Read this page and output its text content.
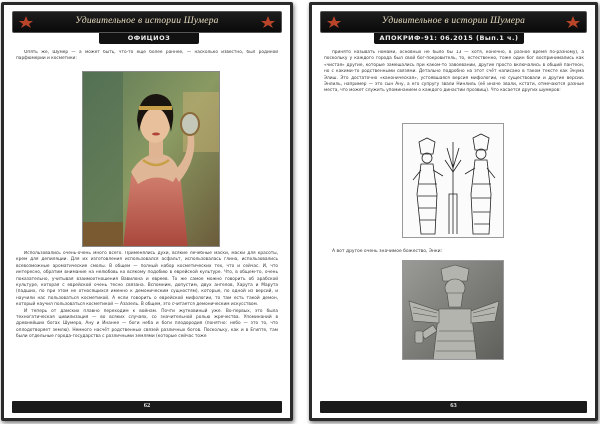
Удивительное в истории Шумера
ОФИЦИОЗ

Опять же, Шумер — а может быть, что-то ещё более раннее, — насколько известно, был родиной парфюмерии и косметики:

Использовались очень-очень много всего. Применялись духи, всякие лечебные маски, маски для красоты, крем для депиляции. Для их изготовления использовался асфальт, использовалась глина, использовались всевозможные ароматические смолы. В общем — полный набор косметических тех, что и сейчас. И, что интересно, обратим внимание на нелюбовь ко всякому подобию в еврейской культуре. Что, в общем-то, очень показательно, учитывая взаимоотношения Вавилона и евреев. То же самое можно говорить об арабской культуре, которая с еврейской очень тесно связана. Вспомним, допустим, двух ангелов, Харута и Марута (падших, по при этом не относящихся именно к демоническим сущностям), которые, по одной из версий, и научили нас пользоваться косметикой. А если говорить о еврейской мифологии, то там есть такой демон, который научил пользоваться косметикой — Азазель. В общем, это считается демоническим искусством.

И теперь от дамских плавно переходим к войнам. Почти жутковиный уже. Во-первых, это была техногатическая цивилизация — во всяких случаях, со значительной ролью жречества. Упоминаний в древнейших богах Шумера, Ану и Инанне — боги неба и боги плодородия (понятно: небо — это то, что оплодотворяет землю). Немного насчёт родственных связей различных богов. Поскольку, как и в Египте, там были отдельные города-государства с различными землями (которые сейчас тоже

62
Удивительное в истории Шумера
АПОКРИФ-91: 06.2015 (Вып.1 ч.)

принято называть номами, основных не было бы 13 — хотя, конечно, в разное время по-разному), а поскольку у каждого города был свой бог-покровитель, то, естественно, тоже один бог воспринимались как «чистая» другие, которые замешались при каком-то завоевании, другие просто включались в общий пантеон, но с какими-то родственными связями. Детально подробно на этот счёт написано в таком тексте как Энума Элиш. Это достаточно «каноническая», устоявшаяся версия мифологии, но существовали и другие версии. Энлиль, например — это сын Ану, а его супругу звали Нинлиль (её иначе звали, кстати, отмечаются разные места, что может служить упоминанием о каждого династии прозвищ). Что касается других шумеров:

А вот другое очень значимое божество, Энки:
63
